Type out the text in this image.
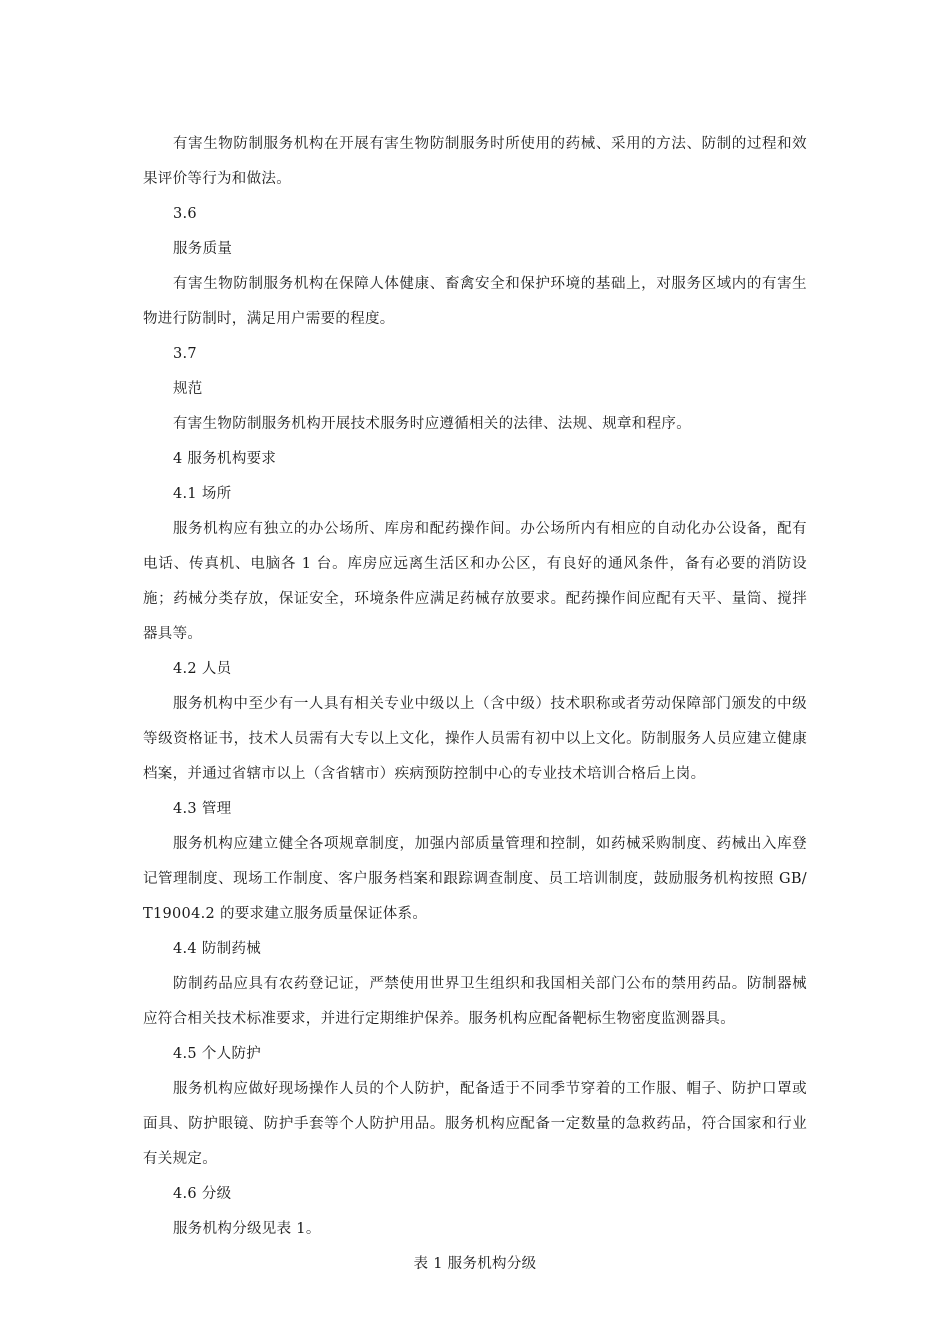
有害生物防制服务机构在开展有害生物防制服务时所使用的药械、采用的方法、防制的过程和效果评价等行为和做法。

3.6

服务质量

有害生物防制服务机构在保障人体健康、畜禽安全和保护环境的基础上，对服务区域内的有害生物进行防制时，满足用户需要的程度。

3.7

规范

有害生物防制服务机构开展技术服务时应遵循相关的法律、法规、规章和程序。

4 服务机构要求

4.1 场所

服务机构应有独立的办公场所、库房和配药操作间。办公场所内有相应的自动化办公设备，配有电话、传真机、电脑各 1 台。库房应远离生活区和办公区，有良好的通风条件，备有必要的消防设施；药械分类存放，保证安全，环境条件应满足药械存放要求。配药操作间应配有天平、量筒、搅拌器具等。

4.2 人员

服务机构中至少有一人具有相关专业中级以上（含中级）技术职称或者劳动保障部门颁发的中级等级资格证书，技术人员需有大专以上文化，操作人员需有初中以上文化。防制服务人员应建立健康档案，并通过省辖市以上（含省辖市）疾病预防控制中心的专业技术培训合格后上岗。

4.3 管理

服务机构应建立健全各项规章制度，加强内部质量管理和控制，如药械采购制度、药械出入库登记管理制度、现场工作制度、客户服务档案和跟踪调查制度、员工培训制度，鼓励服务机构按照 GB/T19004.2 的要求建立服务质量保证体系。

4.4 防制药械

防制药品应具有农药登记证，严禁使用世界卫生组织和我国相关部门公布的禁用药品。防制器械应符合相关技术标准要求，并进行定期维护保养。服务机构应配备靶标生物密度监测器具。

4.5 个人防护

服务机构应做好现场操作人员的个人防护，配备适于不同季节穿着的工作服、帽子、防护口罩或面具、防护眼镜、防护手套等个人防护用品。服务机构应配备一定数量的急救药品，符合国家和行业有关规定。

4.6 分级

服务机构分级见表 1。

表 1 服务机构分级
